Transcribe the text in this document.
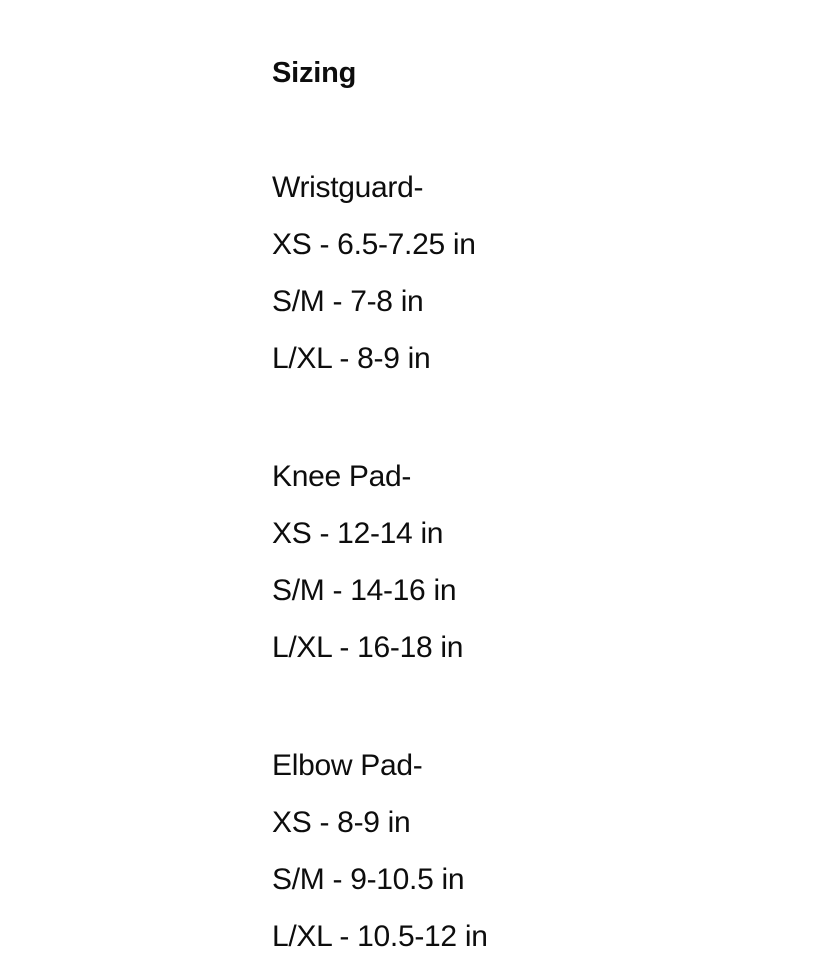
Sizing
Wristguard-
XS - 6.5-7.25 in
S/M - 7-8 in
L/XL - 8-9 in
Knee Pad-
XS - 12-14 in
S/M - 14-16 in
L/XL - 16-18 in
Elbow Pad-
XS - 8-9 in
S/M - 9-10.5 in
L/XL - 10.5-12 in
